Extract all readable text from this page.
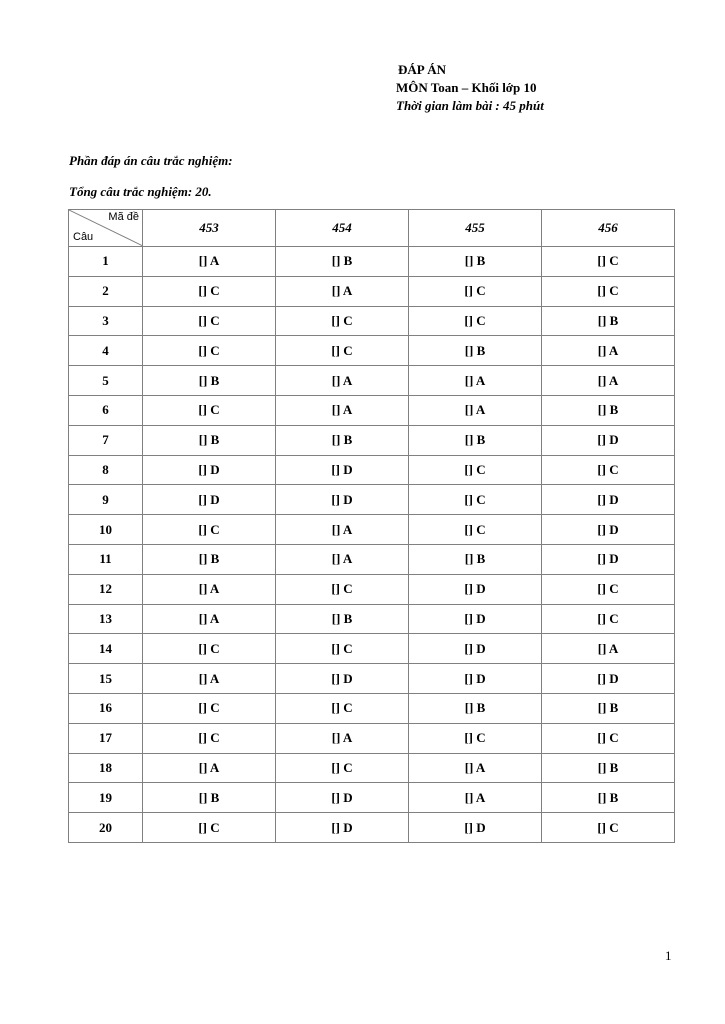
ĐÁP ÁN
MÔN Toan – Khối lớp 10
Thời gian làm bài : 45 phút
Phần đáp án câu trắc nghiệm:
Tổng câu trắc nghiệm: 20.
Mã đề
Câu	453	454	455	456
1	[] A	[] B	[] B	[] C
2	[] C	[] A	[] C	[] C
3	[] C	[] C	[] C	[] B
4	[] C	[] C	[] B	[] A
5	[] B	[] A	[] A	[] A
6	[] C	[] A	[] A	[] B
7	[] B	[] B	[] B	[] D
8	[] D	[] D	[] C	[] C
9	[] D	[] D	[] C	[] D
10	[] C	[] A	[] C	[] D
11	[] B	[] A	[] B	[] D
12	[] A	[] C	[] D	[] C
13	[] A	[] B	[] D	[] C
14	[] C	[] C	[] D	[] A
15	[] A	[] D	[] D	[] D
16	[] C	[] C	[] B	[] B
17	[] C	[] A	[] C	[] C
18	[] A	[] C	[] A	[] B
19	[] B	[] D	[] A	[] B
20	[] C	[] D	[] D	[] C
1
